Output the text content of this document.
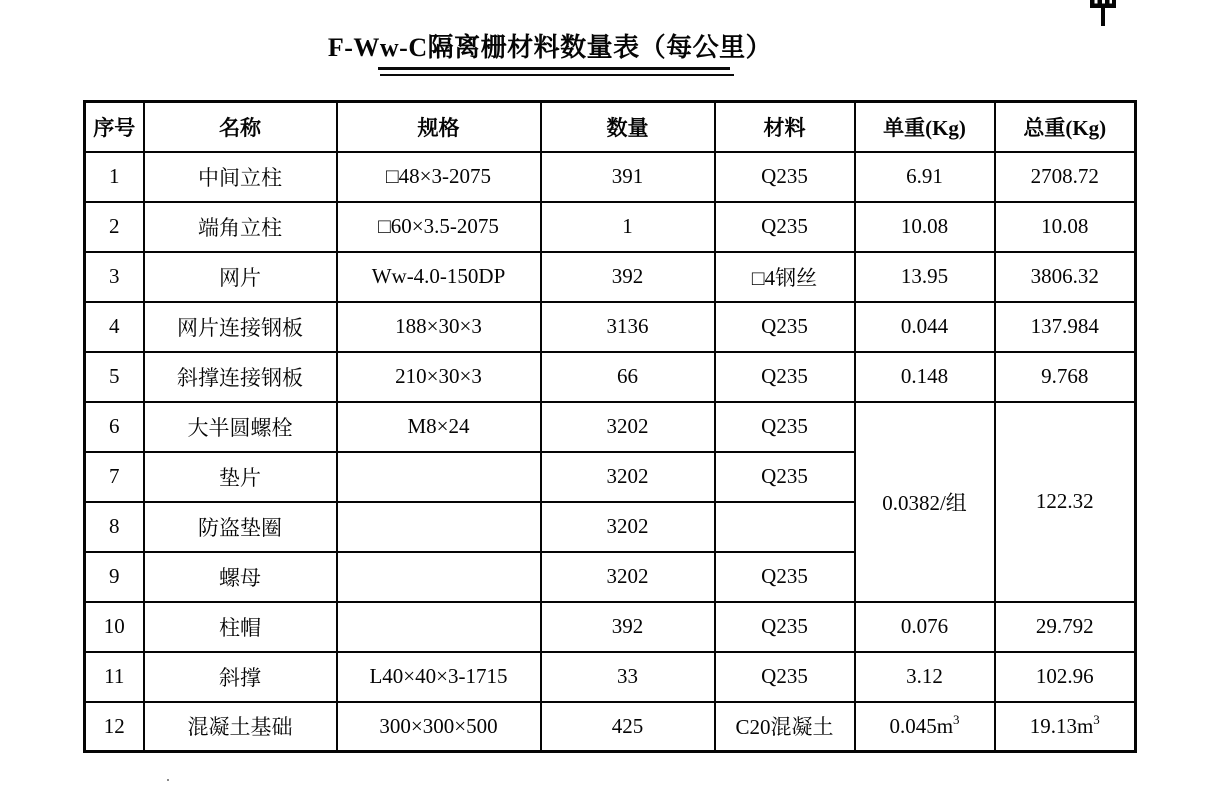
F-Ww-C隔离栅材料数量表（每公里）
序号	名称	规格	数量	材料	单重(Kg)	总重(Kg)
1	中间立柱	□48×3-2075	391	Q235	6.91	2708.72
2	端角立柱	□60×3.5-2075	1	Q235	10.08	10.08
3	网片	Ww-4.0-150DP	392	□4钢丝	13.95	3806.32
4	网片连接钢板	188×30×3	3136	Q235	0.044	137.984
5	斜撑连接钢板	210×30×3	66	Q235	0.148	9.768
6	大半圆螺栓	M8×24	3202	Q235	0.0382/组	122.32
7	垫片		3202	Q235		
8	防盗垫圈		3202			
9	螺母		3202	Q235		
10	柱帽		392	Q235	0.076	29.792
11	斜撑	L40×40×3-1715	33	Q235	3.12	102.96
12	混凝土基础	300×300×500	425	C20混凝土	$0.045m^3$	$19.13m^3$
